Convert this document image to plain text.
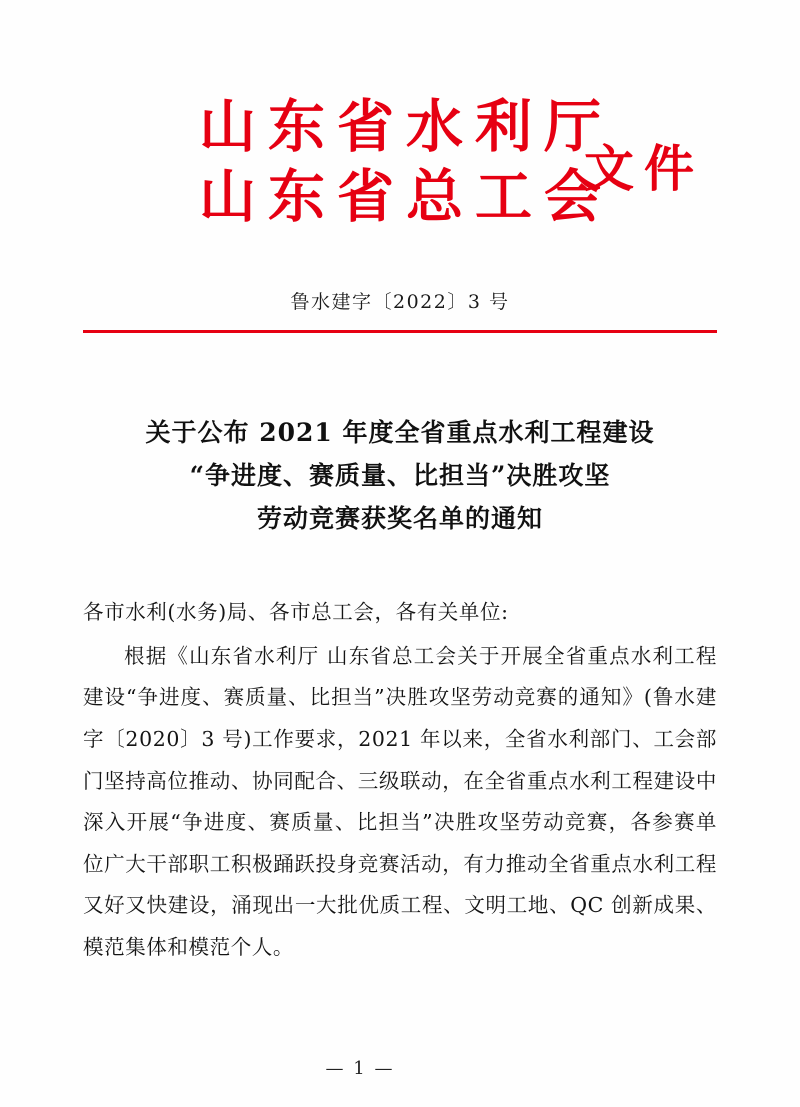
山东省水利厅
文件
山东省总工会
鲁水建字〔2022〕3 号
关于公布 2021 年度全省重点水利工程建设
“争进度、赛质量、比担当”决胜攻坚
劳动竞赛获奖名单的通知
各市水利(水务)局、各市总工会，各有关单位:
根据《山东省水利厅 山东省总工会关于开展全省重点水利工程建设“争进度、赛质量、比担当”决胜攻坚劳动竞赛的通知》(鲁水建字〔2020〕3 号)工作要求，2021 年以来，全省水利部门、工会部门坚持高位推动、协同配合、三级联动，在全省重点水利工程建设中深入开展“争进度、赛质量、比担当”决胜攻坚劳动竞赛，各参赛单位广大干部职工积极踊跃投身竞赛活动，有力推动全省重点水利工程又好又快建设，涌现出一大批优质工程、文明工地、QC 创新成果、模范集体和模范个人。
— 1 —
